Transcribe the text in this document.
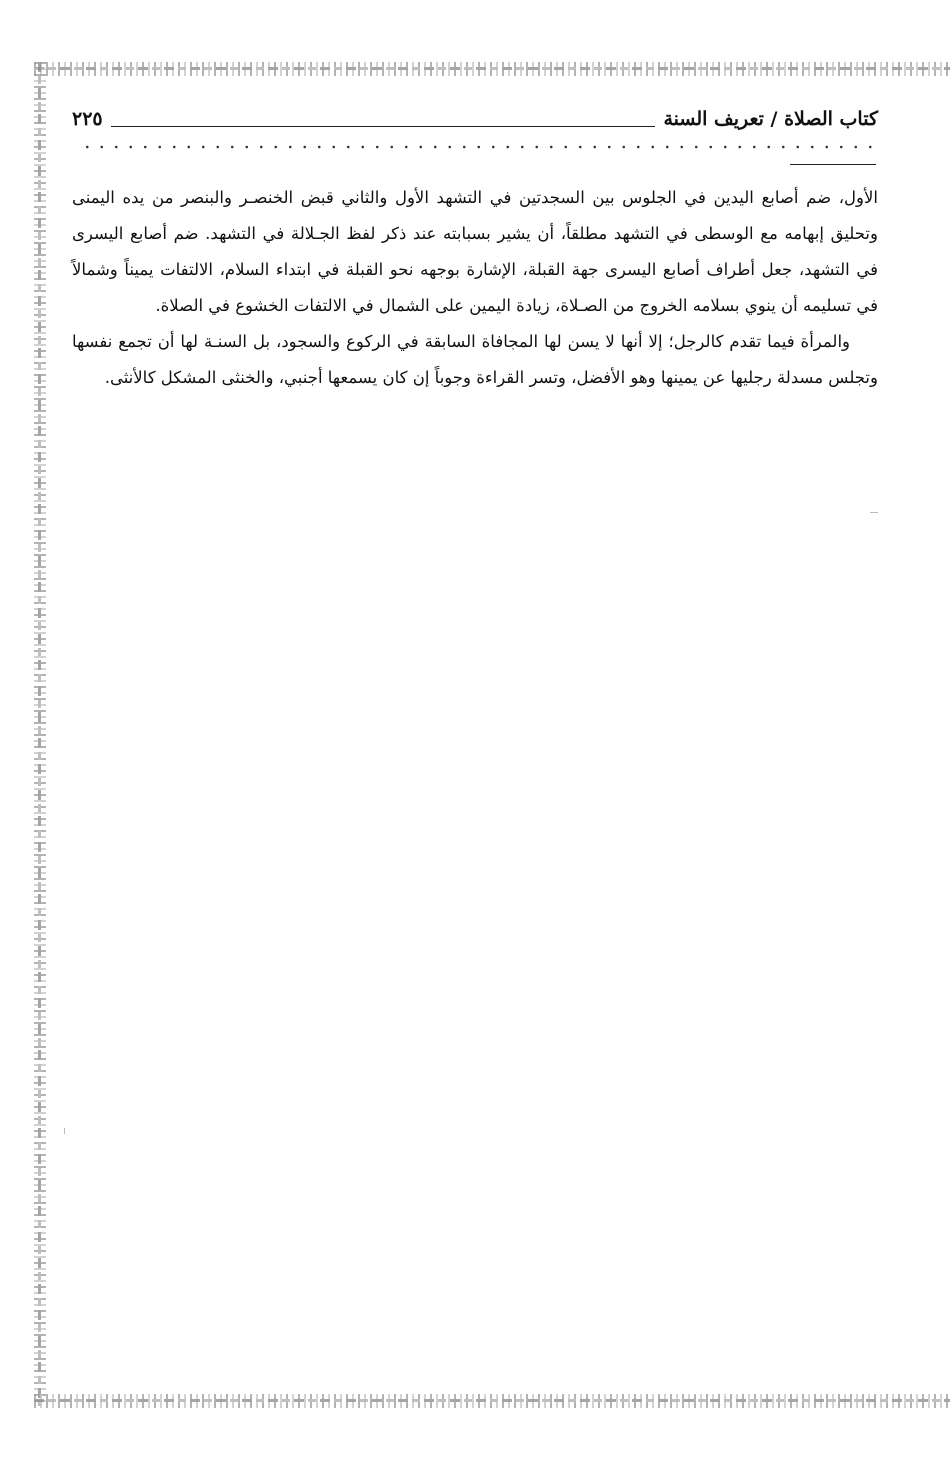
كتاب الصلاة / تعريف السنة
٢٢٥

الأول، ضم أصابع اليدين في الجلوس بين السجدتين في التشهد الأول والثاني قبض الخنصـر والبنصر من يده اليمنى وتحليق إبهامه مع الوسطى في التشهد مطلقاً، أن يشير بسبابته عند ذكر لفظ الجـلالة في التشهد. ضم أصابع اليسرى في التشهد، جعل أطراف أصابع اليسرى جهة القبلة، الإشارة بوجهه نحو القبلة في ابتداء السلام، الالتفات يميناً وشمالاً في تسليمه أن ينوي بسلامه الخروج من الصـلاة، زيادة اليمين على الشمال في الالتفات الخشوع في الصلاة.

والمرأة فيما تقدم كالرجل؛ إلا أنها لا يسن لها المجافاة السابقة في الركوع والسجود، بل السنـة لها أن تجمع نفسها وتجلس مسدلة رجليها عن يمينها وهو الأفضل، وتسر القراءة وجوباً إن كان يسمعها أجنبي، والخنثى المشكل كالأنثى.
